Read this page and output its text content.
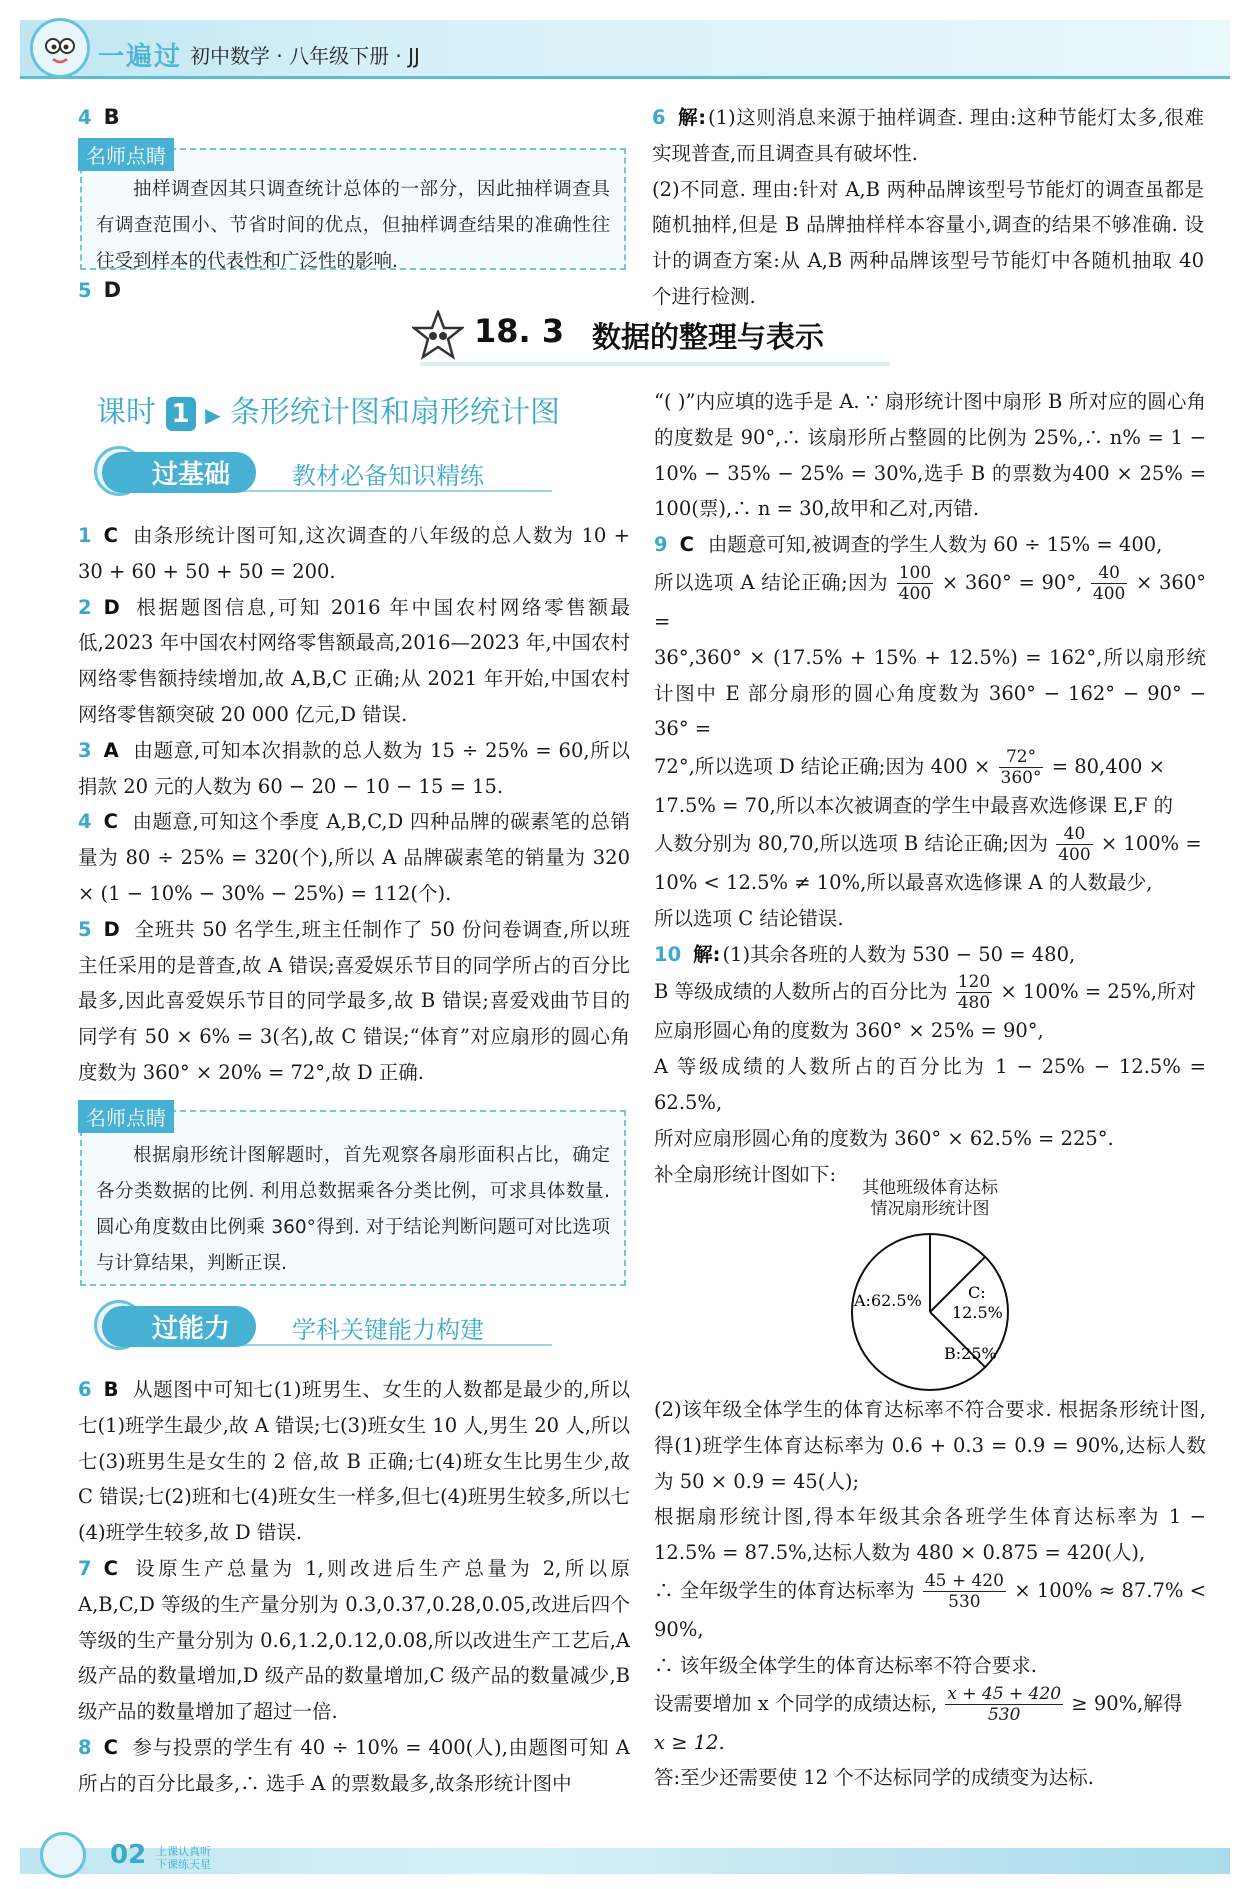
一遍过 初中数学 · 八年级下册 · JJ
4 B
名师点睛
抽样调查因其只调查统计总体的一部分，因此抽样调查具有调查范围小、节省时间的优点，但抽样调查结果的准确性往往受到样本的代表性和广泛性的影响.
5 D

6 解: (1)这则消息来源于抽样调查. 理由:这种节能灯太多,很难实现普查,而且调查具有破坏性.

(2)不同意. 理由:针对 A,B 两种品牌该型号节能灯的调查虽都是随机抽样,但是 B 品牌抽样样本容量小,调查的结果不够准确. 设计的调查方案:从 A,B 两种品牌该型号节能灯中各随机抽取 40 个进行检测.

18. 3 数据的整理与表示
课时 1 ▶ 条形统计图和扇形统计图
过基础	教材必备知识精练

1 C 由条形统计图可知,这次调查的八年级的总人数为 10 + 30 + 60 + 50 + 50 = 200.

2 D 根据题图信息,可知 2016 年中国农村网络零售额最低,2023 年中国农村网络零售额最高,2016—2023 年,中国农村网络零售额持续增加,故 A,B,C 正确;从 2021 年开始,中国农村网络零售额突破 20 000 亿元,D 错误.

3 A 由题意,可知本次捐款的总人数为 15 ÷ 25% = 60,所以捐款 20 元的人数为 60 − 20 − 10 − 15 = 15.

4 C 由题意,可知这个季度 A,B,C,D 四种品牌的碳素笔的总销量为 80 ÷ 25% = 320(个),所以 A 品牌碳素笔的销量为 320 × (1 − 10% − 30% − 25%) = 112(个).

5 D 全班共 50 名学生,班主任制作了 50 份问卷调查,所以班主任采用的是普查,故 A 错误;喜爱娱乐节目的同学所占的百分比最多,因此喜爱娱乐节目的同学最多,故 B 错误;喜爱戏曲节目的同学有 50 × 6% = 3(名),故 C 错误;“体育”对应扇形的圆心角度数为 360° × 20% = 72°,故 D 正确.

名师点睛
根据扇形统计图解题时，首先观察各扇形面积占比，确定各分类数据的比例. 利用总数据乘各分类比例，可求具体数量. 圆心角度数由比例乘 360°得到. 对于结论判断问题可对比选项与计算结果，判断正误.
过能力	学科关键能力构建

6 B 从题图中可知七(1)班男生、女生的人数都是最少的,所以七(1)班学生最少,故 A 错误;七(3)班女生 10 人,男生 20 人,所以七(3)班男生是女生的 2 倍,故 B 正确;七(4)班女生比男生少,故 C 错误;七(2)班和七(4)班女生一样多,但七(4)班男生较多,所以七(4)班学生较多,故 D 错误.

7 C 设原生产总量为 1,则改进后生产总量为 2,所以原 A,B,C,D 等级的生产量分别为 0.3,0.37,0.28,0.05,改进后四个等级的生产量分别为 0.6,1.2,0.12,0.08,所以改进生产工艺后,A 级产品的数量增加,D 级产品的数量增加,C 级产品的数量减少,B 级产品的数量增加了超过一倍.

8 C 参与投票的学生有 40 ÷ 10% = 400(人),由题图可知 A 所占的百分比最多,∴ 选手 A 的票数最多,故条形统计图中

“( )”内应填的选手是 A. ∵ 扇形统计图中扇形 B 所对应的圆心角的度数是 90°,∴ 该扇形所占整圆的比例为 25%,∴ n% = 1 − 10% − 35% − 25% = 30%,选手 B 的票数为400 × 25% = 100(票),∴ n = 30,故甲和乙对,丙错.

9 C 由题意可知,被调查的学生人数为 60 ÷ 15% = 400,

所以选项 A 结论正确;因为 $\frac{100}{400} \times 360^\circ = 90^\circ$, $\frac{40}{400} \times 360^\circ$ =

36°,360° × (17.5% + 15% + 12.5%) = 162°,所以扇形统计图中 E 部分扇形的圆心角度数为 360° − 162° − 90° − 36° =

72°,所以选项 D 结论正确;因为 $400 \times \frac{72^\circ}{360^\circ} = 80,400$ ×

17.5% = 70,所以本次被调查的学生中最喜欢选修课 E,F 的

人数分别为 80,70,所以选项 B 结论正确;因为 $\frac{40}{400} \times 100\%$ =

10% < 12.5% ≠ 10%,所以最喜欢选修课 A 的人数最少,

所以选项 C 结论错误.

10 解: (1)其余各班的人数为 530 − 50 = 480,

B 等级成绩的人数所占的百分比为 $\frac{120}{480} \times 100\% = 25\%$,所对

应扇形圆心角的度数为 360° × 25% = 90°,

A 等级成绩的人数所占的百分比为 1 − 25% − 12.5% = 62.5%,

所对应扇形圆心角的度数为 360° × 62.5% = 225°.

补全扇形统计图如下:

其他班级体育达标
情况扇形统计图
A:62.5%	C:
12.5%
B:25%

(2)该年级全体学生的体育达标率不符合要求. 根据条形统计图,得(1)班学生体育达标率为 0.6 + 0.3 = 0.9 = 90%,达标人数为 50 × 0.9 = 45(人);

根据扇形统计图,得本年级其余各班学生体育达标率为 1 − 12.5% = 87.5%,达标人数为 480 × 0.875 = 420(人),

∴ 全年级学生的体育达标率为 $\frac{45 + 420}{530} \times 100\% \approx 87.7\% < 90\%$,

∴ 该年级全体学生的体育达标率不符合要求.

设需要增加 x 个同学的成绩达标, $\frac{x + 45 + 420}{530} \ge 90\%$,解得

x ≥ 12.

答:至少还需要使 12 个不达标同学的成绩变为达标.

02 上课认真听
下课练天星
